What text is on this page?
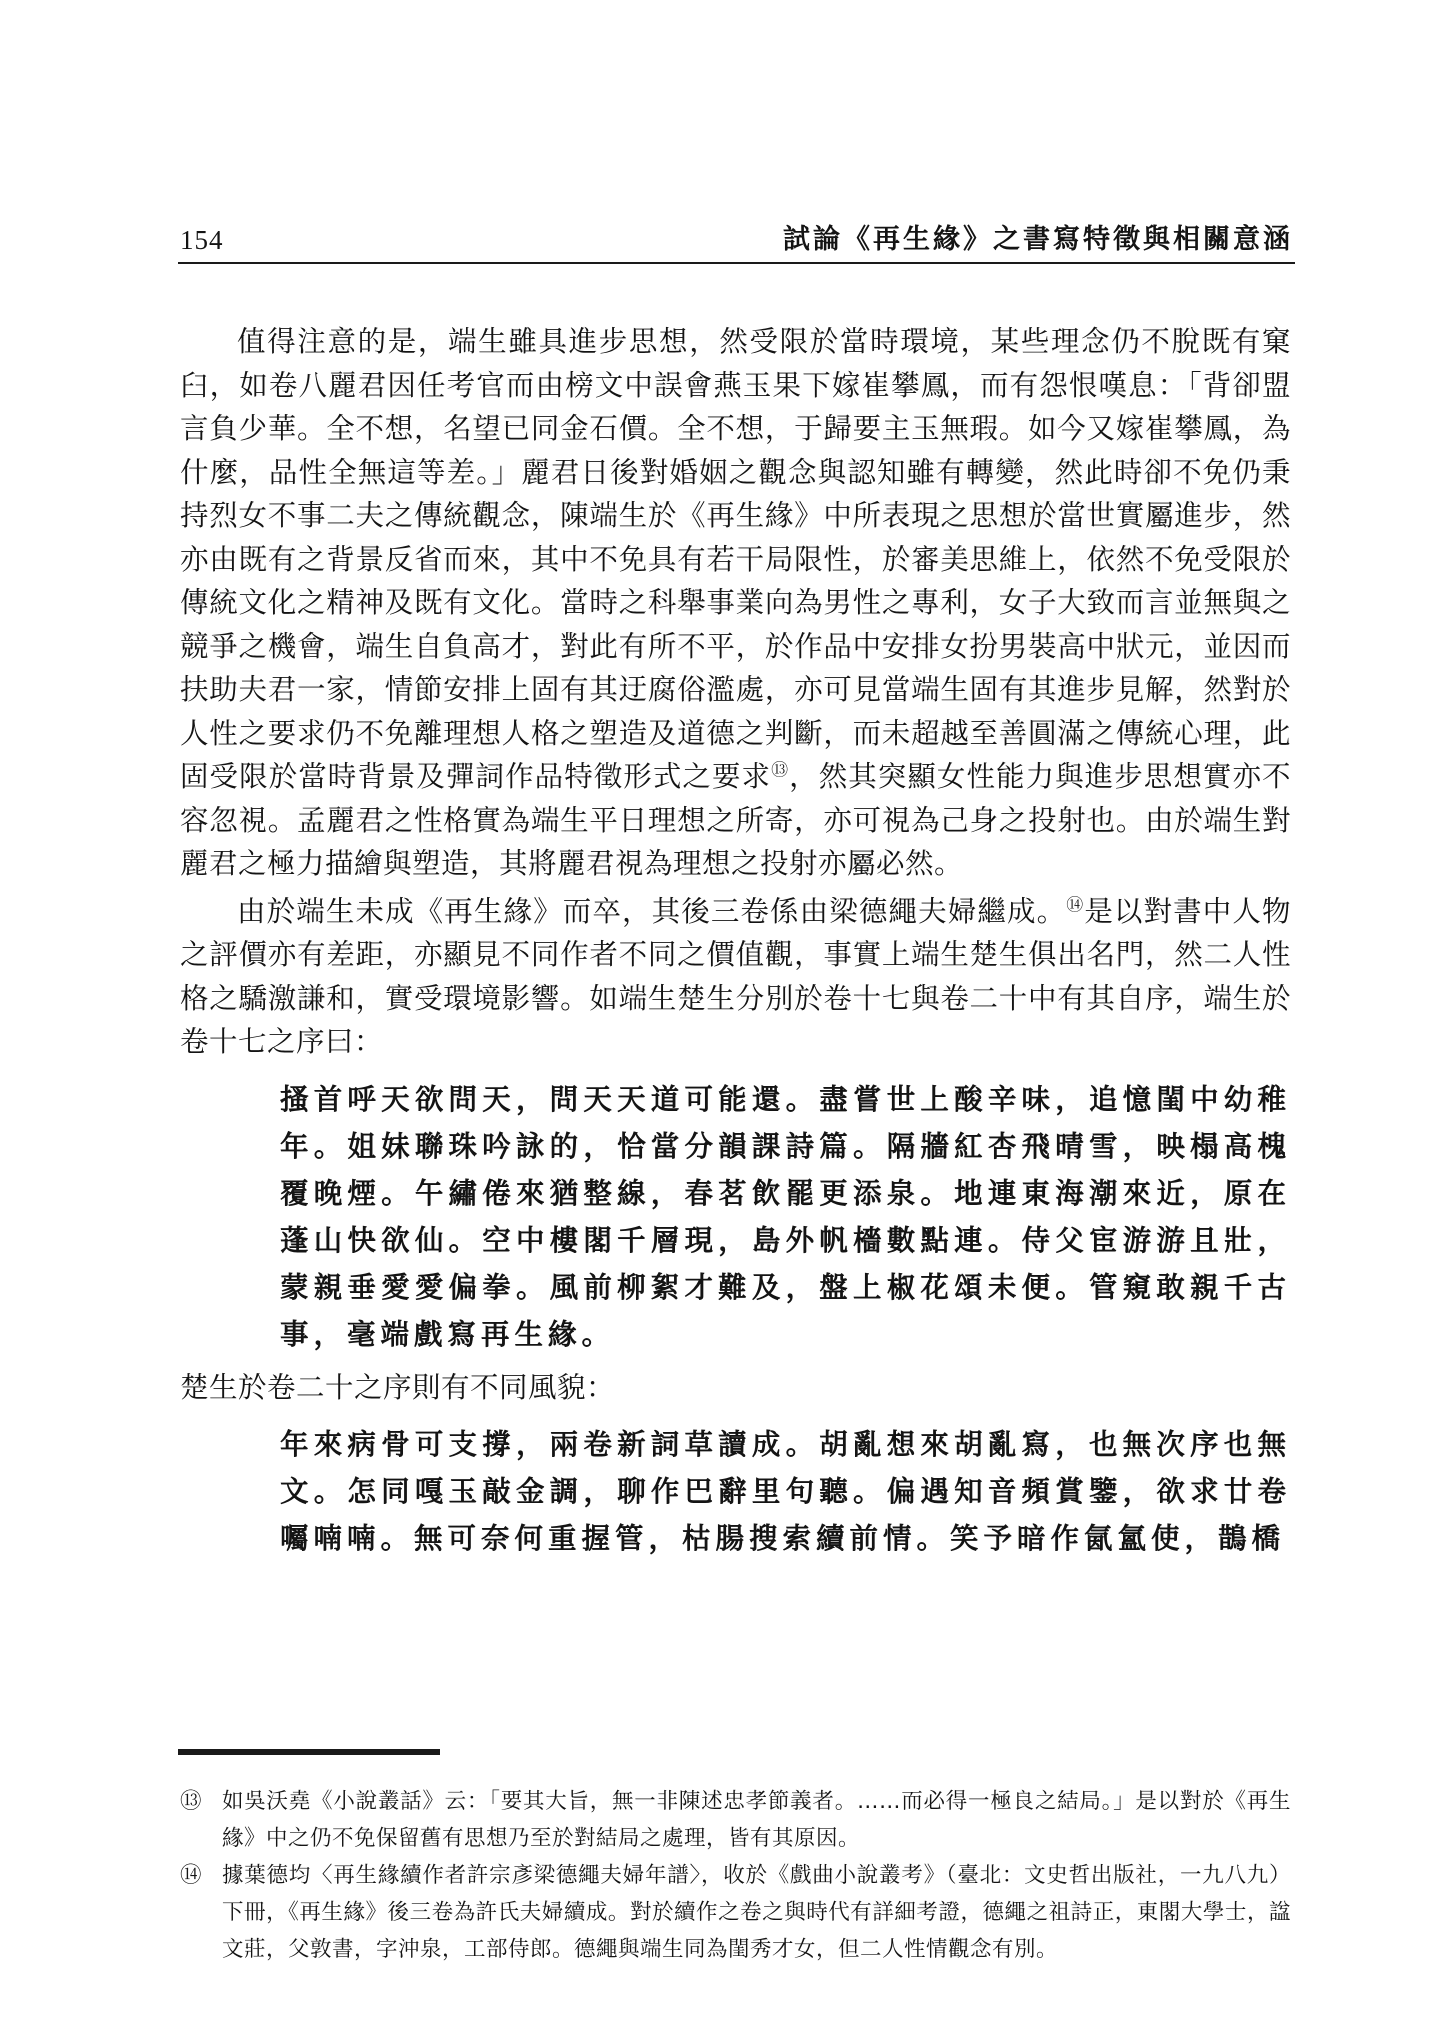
154	試論《再生緣》之書寫特徵與相關意涵

值得注意的是，端生雖具進步思想，然受限於當時環境，某些理念仍不脫既有窠臼，如卷八麗君因任考官而由榜文中誤會燕玉果下嫁崔攀鳳，而有怨恨嘆息：「背卻盟言負少華。全不想，名望已同金石價。全不想，于歸要主玉無瑕。如今又嫁崔攀鳳，為什麼，品性全無這等差。」麗君日後對婚姻之觀念與認知雖有轉變，然此時卻不免仍秉持烈女不事二夫之傳統觀念，陳端生於《再生緣》中所表現之思想於當世實屬進步，然亦由既有之背景反省而來，其中不免具有若干局限性，於審美思維上，依然不免受限於傳統文化之精神及既有文化。當時之科舉事業向為男性之專利，女子大致而言並無與之競爭之機會，端生自負高才，對此有所不平，於作品中安排女扮男裝高中狀元，並因而扶助夫君一家，情節安排上固有其迂腐俗濫處，亦可見當端生固有其進步見解，然對於人性之要求仍不免離理想人格之塑造及道德之判斷，而未超越至善圓滿之傳統心理，此固受限於當時背景及彈詞作品特徵形式之要求⑬，然其突顯女性能力與進步思想實亦不容忽視。孟麗君之性格實為端生平日理想之所寄，亦可視為己身之投射也。由於端生對麗君之極力描繪與塑造，其將麗君視為理想之投射亦屬必然。

由於端生未成《再生緣》而卒，其後三卷係由梁德繩夫婦繼成。⑭是以對書中人物之評價亦有差距，亦顯見不同作者不同之價值觀，事實上端生楚生俱出名門，然二人性格之驕激謙和，實受環境影響。如端生楚生分別於卷十七與卷二十中有其自序，端生於卷十七之序曰：

搔首呼天欲問天，問天天道可能還。盡嘗世上酸辛味，追憶閨中幼稚年。姐妹聯珠吟詠的，恰當分韻課詩篇。隔牆紅杏飛晴雪，映榻高槐覆晚煙。午繡倦來猶整線，春茗飲罷更添泉。地連東海潮來近，原在蓬山快欲仙。空中樓閣千層現，島外帆檣數點連。侍父宦游游且壯，蒙親垂愛愛偏拳。風前柳絮才難及，盤上椒花頌未便。管窺敢親千古事，毫端戲寫再生緣。

楚生於卷二十之序則有不同風貌：

年來病骨可支撐，兩卷新詞草讀成。胡亂想來胡亂寫，也無次序也無文。怎同嘎玉敲金調，聊作巴辭里句聽。偏遇知音頻賞鑒，欲求廿卷囑喃喃。無可奈何重握管，枯腸搜索續前情。笑予暗作氤氳使，鵲橋

⑬ 如吳沃堯《小說叢話》云：「要其大旨，無一非陳述忠孝節義者。……而必得一極良之結局。」是以對於《再生緣》中之仍不免保留舊有思想乃至於對結局之處理，皆有其原因。
⑭ 據葉德均〈再生緣續作者許宗彥梁德繩夫婦年譜〉，收於《戲曲小說叢考》（臺北：文史哲出版社，一九八九）下冊，《再生緣》後三卷為許氏夫婦續成。對於續作之卷之與時代有詳細考證，德繩之祖詩正，東閣大學士，諡文莊，父敦書，字沖泉，工部侍郎。德繩與端生同為閨秀才女，但二人性情觀念有別。
